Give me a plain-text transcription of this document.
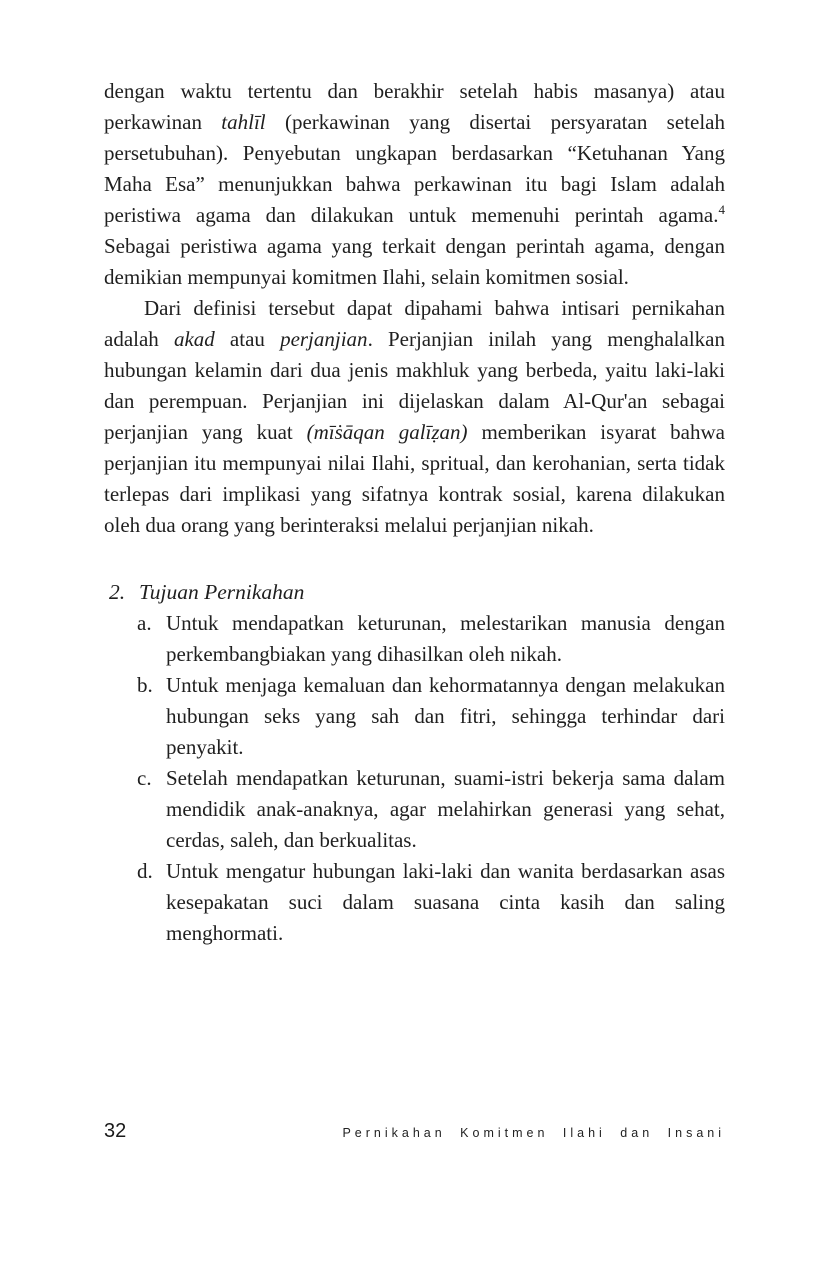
dengan waktu tertentu dan berakhir setelah habis masanya) atau perkawinan tahlīl (perkawinan yang disertai persyaratan setelah persetubuhan). Penyebutan ungkapan berdasarkan “Ketuhanan Yang Maha Esa” menunjukkan bahwa perkawinan itu bagi Islam adalah peristiwa agama dan dilakukan untuk memenuhi perintah agama.$^4$ Sebagai peristiwa agama yang terkait dengan perintah agama, dengan demikian mempunyai komitmen Ilahi, selain komitmen sosial.

Dari definisi tersebut dapat dipahami bahwa intisari pernikahan adalah akad atau perjanjian. Perjanjian inilah yang menghalalkan hubungan kelamin dari dua jenis makhluk yang berbeda, yaitu laki-laki dan perempuan. Perjanjian ini dijelaskan dalam Al-Qur'an sebagai perjanjian yang kuat (mīṡāqan galīẓan) memberikan isyarat bahwa perjanjian itu mempunyai nilai Ilahi, spritual, dan kerohanian, serta tidak terlepas dari implikasi yang sifatnya kontrak sosial, karena dilakukan oleh dua orang yang berinteraksi melalui perjanjian nikah.

2. Tujuan Pernikahan
a. Untuk mendapatkan keturunan, melestarikan manusia dengan perkembangbiakan yang dihasilkan oleh nikah.
b. Untuk menjaga kemaluan dan kehormatannya dengan melakukan hubungan seks yang sah dan fitri, sehingga terhindar dari penyakit.
c. Setelah mendapatkan keturunan, suami-istri bekerja sama dalam mendidik anak-anaknya, agar melahirkan generasi yang sehat, cerdas, saleh, dan berkualitas.
d. Untuk mengatur hubungan laki-laki dan wanita berdasarkan asas kesepakatan suci dalam suasana cinta kasih dan saling menghormati.
32	Pernikahan Komitmen Ilahi dan Insani
